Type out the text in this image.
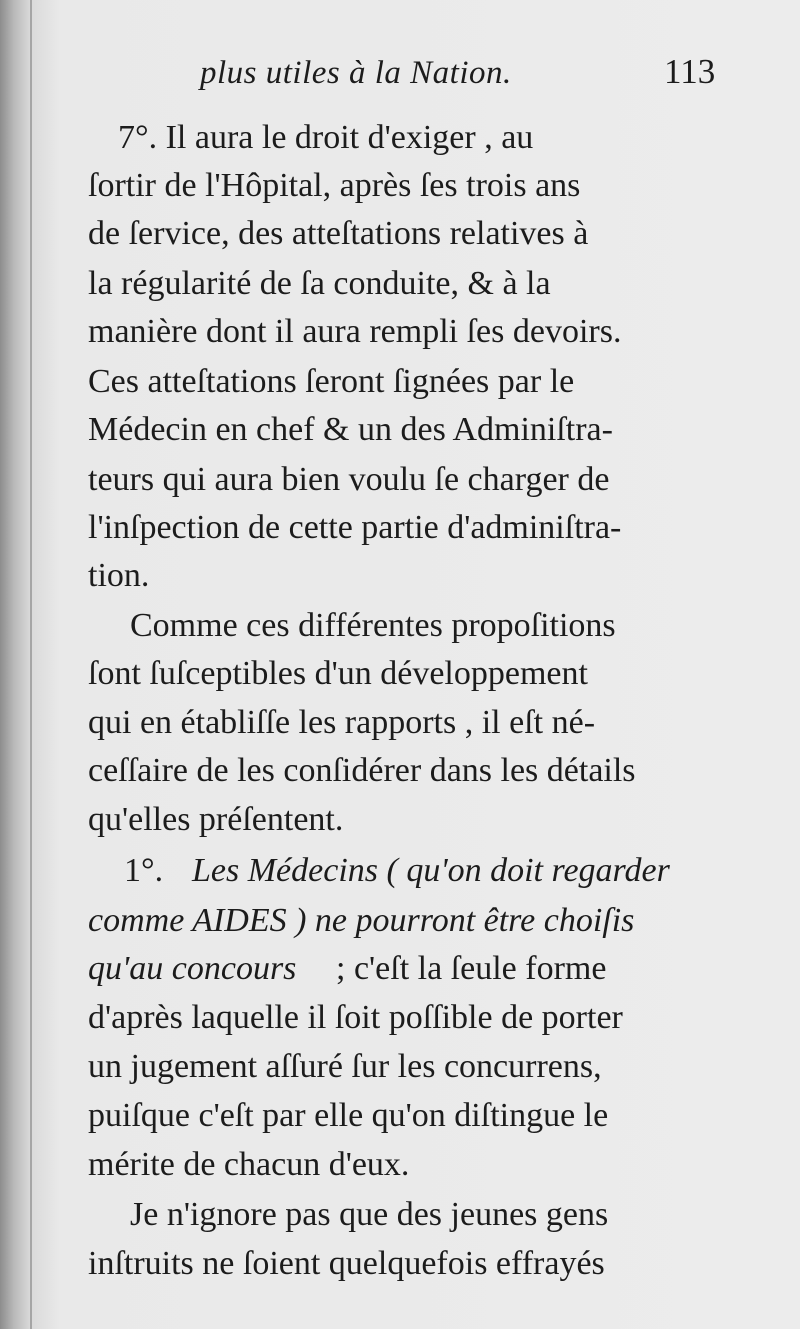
plus utiles à la Nation.	113
7°. Il aura le droit d'exiger , au
ſortir de l'Hôpital, après ſes trois ans
de ſervice, des atteſtations relatives à
la régularité de ſa conduite, & à la
manière dont il aura rempli ſes devoirs.
Ces atteſtations ſeront ſignées par le
Médecin en chef & un des Adminiſtra-
teurs qui aura bien voulu ſe charger de
l'inſpection de cette partie d'adminiſtra-
tion.
Comme ces différentes propoſitions
ſont ſuſceptibles d'un développement
qui en établiſſe les rapports , il eſt né-
ceſſaire de les conſidérer dans les détails
qu'elles préſentent.
1°. Les Médecins ( qu'on doit regarder
comme AIDES ) ne pourront être choiſis
qu'au concours ; c'eſt la ſeule forme
d'après laquelle il ſoit poſſible de porter
un jugement aſſuré ſur les concurrens,
puiſque c'eſt par elle qu'on diſtingue le
mérite de chacun d'eux.
Je n'ignore pas que des jeunes gens
inſtruits ne ſoient quelquefois effrayés
